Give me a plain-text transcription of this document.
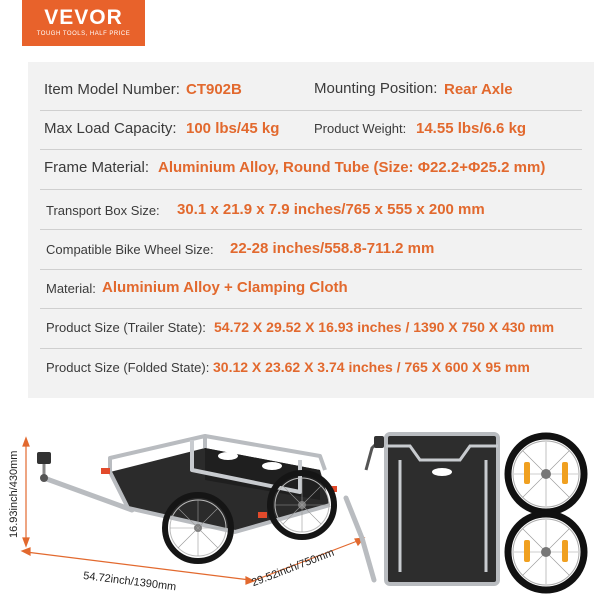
VEVOR
TOUGH TOOLS, HALF PRICE
Item Model Number: CT902B	Mounting Position: Rear Axle
Max Load Capacity: 100 lbs/45 kg	Product Weight: 14.55 lbs/6.6 kg
Frame Material: Aluminium Alloy, Round Tube (Size: Φ22.2+Φ25.2 mm)
Transport Box Size: 30.1 x 21.9 x 7.9 inches/765 x 555 x 200 mm
Compatible Bike Wheel Size: 22-28 inches/558.8-711.2 mm
Material: Aluminium Alloy + Clamping Cloth
Product Size (Trailer State): 54.72 X 29.52 X 16.93 inches / 1390 X 750 X 430 mm
Product Size (Folded State): 30.12 X 23.62 X 3.74 inches / 765 X 600 X 95 mm
16.93inch/430mm
54.72inch/1390mm	29.52inch/750mm
